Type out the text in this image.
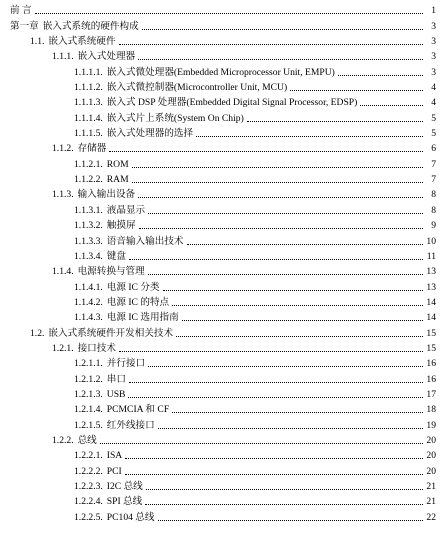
前 言	1
第一章 嵌入式系统的硬件构成	3
1.1. 嵌入式系统硬件	3
1.1.1. 嵌入式处理器	3
1.1.1.1. 嵌入式微处理器(Embedded Microprocessor Unit, EMPU)	3
1.1.1.2. 嵌入式微控制器(Microcontroller Unit, MCU)	4
1.1.1.3. 嵌入式 DSP 处理器(Embedded Digital Signal Processor, EDSP)	4
1.1.1.4. 嵌入式片上系统(System On Chip)	5
1.1.1.5. 嵌入式处理器的选择	5
1.1.2. 存储器	6
1.1.2.1. ROM	7
1.1.2.2. RAM	7
1.1.3. 输入输出设备	8
1.1.3.1. 液晶显示	8
1.1.3.2. 触摸屏	9
1.1.3.3. 语音输入输出技术	10
1.1.3.4. 键盘	11
1.1.4. 电源转换与管理	13
1.1.4.1. 电源 IC 分类	13
1.1.4.2. 电源 IC 的特点	14
1.1.4.3. 电源 IC 选用指南	14
1.2. 嵌入式系统硬件开发相关技术	15
1.2.1. 接口技术	15
1.2.1.1. 并行接口	16
1.2.1.2. 串口	16
1.2.1.3. USB	17
1.2.1.4. PCMCIA 和 CF	18
1.2.1.5. 红外线接口	19
1.2.2. 总线	20
1.2.2.1. ISA	20
1.2.2.2. PCI	20
1.2.2.3. I2C 总线	21
1.2.2.4. SPI 总线	21
1.2.2.5. PC104 总线	22
